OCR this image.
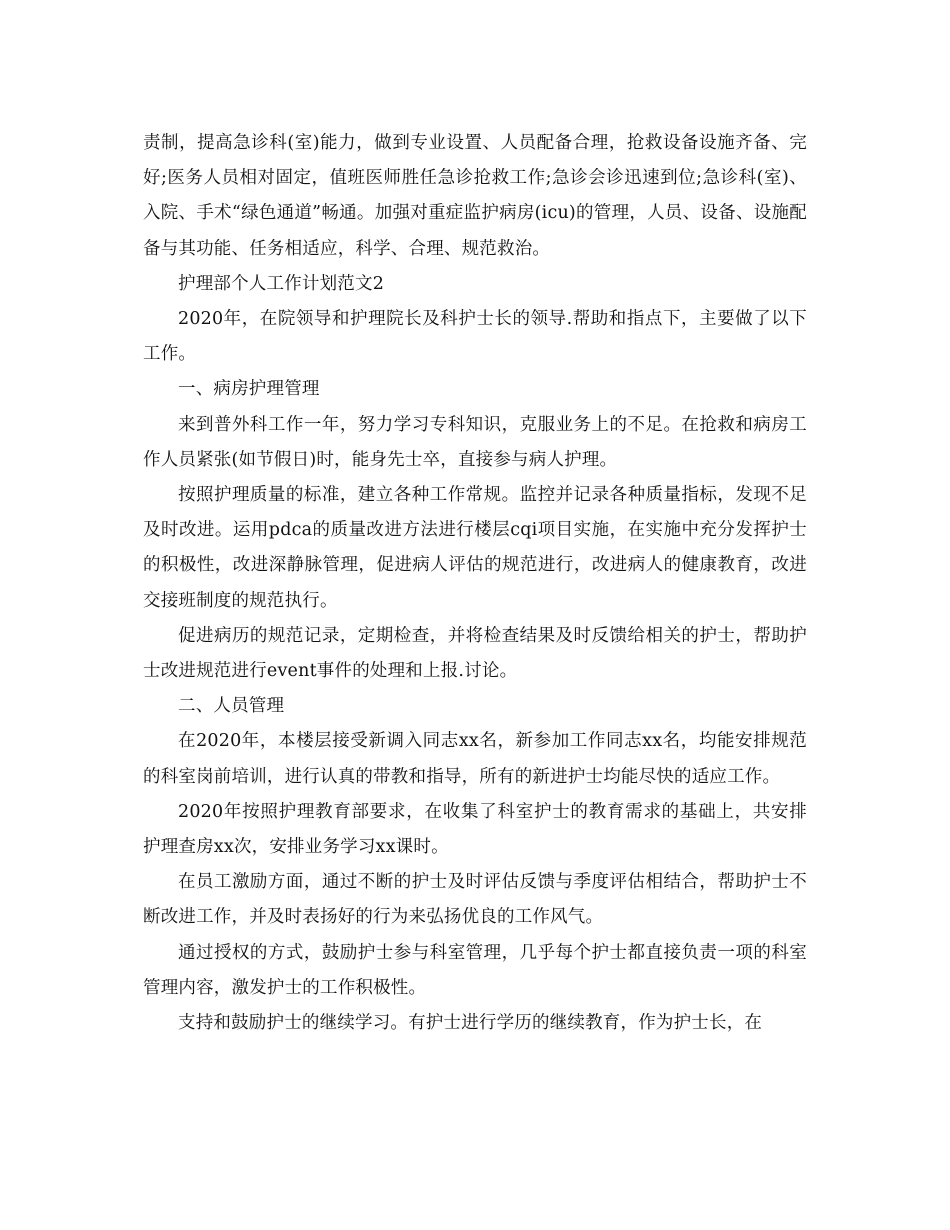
责制，提高急诊科(室)能力，做到专业设置、人员配备合理，抢救设备设施齐备、完好;医务人员相对固定，值班医师胜任急诊抢救工作;急诊会诊迅速到位;急诊科(室)、入院、手术“绿色通道”畅通。加强对重症监护病房(icu)的管理，人员、设备、设施配备与其功能、任务相适应，科学、合理、规范救治。

护理部个人工作计划范文2

2020年，在院领导和护理院长及科护士长的领导.帮助和指点下，主要做了以下工作。

一、病房护理管理

来到普外科工作一年，努力学习专科知识，克服业务上的不足。在抢救和病房工作人员紧张(如节假日)时，能身先士卒，直接参与病人护理。

按照护理质量的标准，建立各种工作常规。监控并记录各种质量指标，发现不足及时改进。运用pdca的质量改进方法进行楼层cqi项目实施，在实施中充分发挥护士的积极性，改进深静脉管理，促进病人评估的规范进行，改进病人的健康教育，改进交接班制度的规范执行。

促进病历的规范记录，定期检查，并将检查结果及时反馈给相关的护士，帮助护士改进规范进行event事件的处理和上报.讨论。

二、人员管理

在2020年，本楼层接受新调入同志xx名，新参加工作同志xx名，均能安排规范的科室岗前培训，进行认真的带教和指导，所有的新进护士均能尽快的适应工作。

2020年按照护理教育部要求，在收集了科室护士的教育需求的基础上，共安排护理查房xx次，安排业务学习xx课时。

在员工激励方面，通过不断的护士及时评估反馈与季度评估相结合，帮助护士不断改进工作，并及时表扬好的行为来弘扬优良的工作风气。

通过授权的方式，鼓励护士参与科室管理，几乎每个护士都直接负责一项的科室管理内容，激发护士的工作积极性。

支持和鼓励护士的继续学习。有护士进行学历的继续教育，作为护士长，在
